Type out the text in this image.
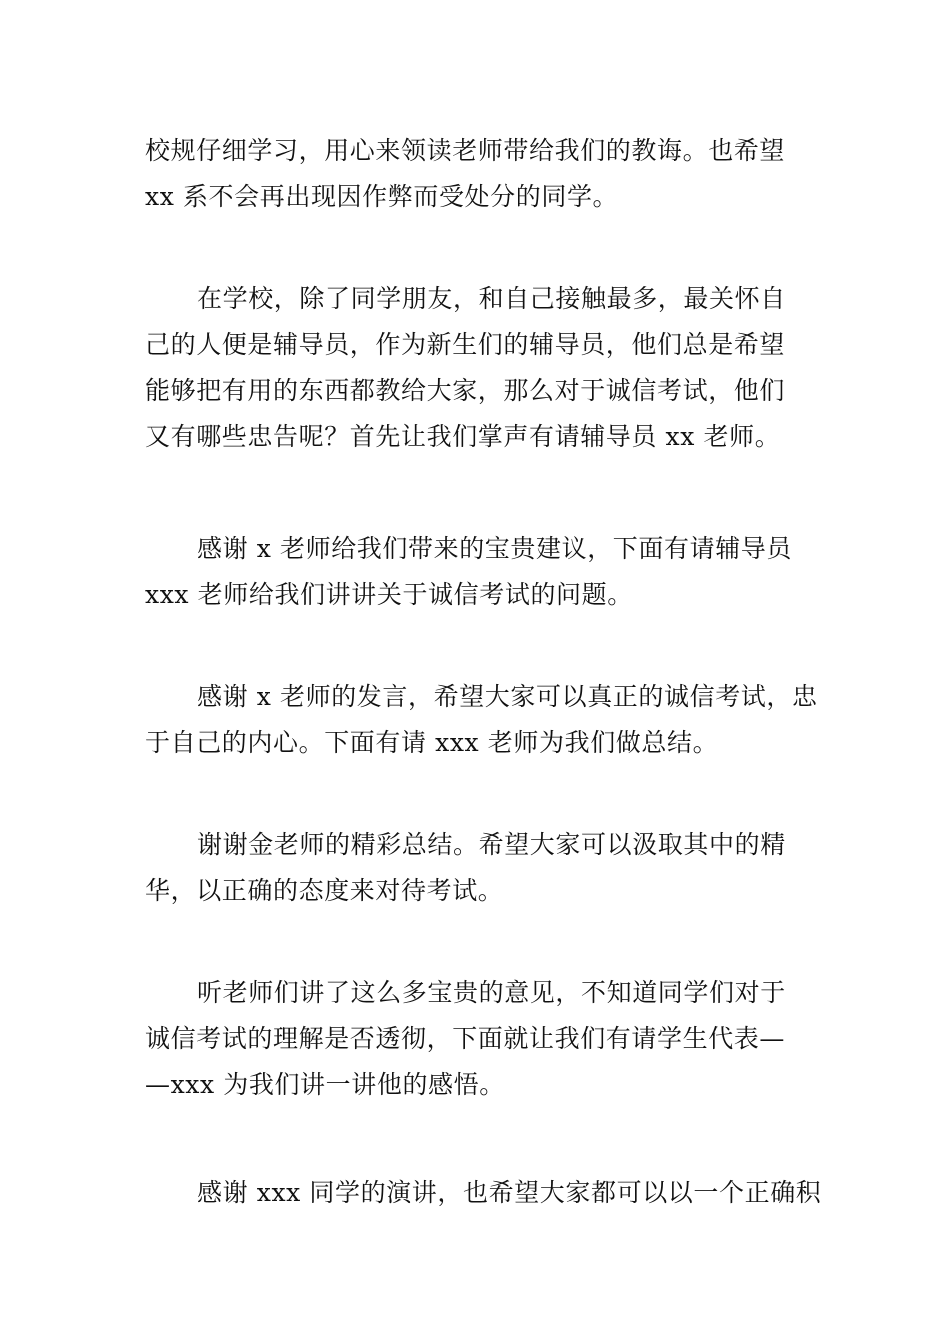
校规仔细学习，用心来领读老师带给我们的教诲。也希望
xx 系不会再出现因作弊而受处分的同学。

在学校，除了同学朋友，和自己接触最多，最关怀自
己的人便是辅导员，作为新生们的辅导员，他们总是希望
能够把有用的东西都教给大家，那么对于诚信考试，他们
又有哪些忠告呢？首先让我们掌声有请辅导员 xx 老师。

感谢 x 老师给我们带来的宝贵建议，下面有请辅导员
xxx 老师给我们讲讲关于诚信考试的问题。

感谢 x 老师的发言，希望大家可以真正的诚信考试，忠
于自己的内心。下面有请 xxx 老师为我们做总结。

谢谢金老师的精彩总结。希望大家可以汲取其中的精
华，以正确的态度来对待考试。

听老师们讲了这么多宝贵的意见，不知道同学们对于
诚信考试的理解是否透彻，下面就让我们有请学生代表—
—xxx 为我们讲一讲他的感悟。

感谢 xxx 同学的演讲，也希望大家都可以以一个正确积
